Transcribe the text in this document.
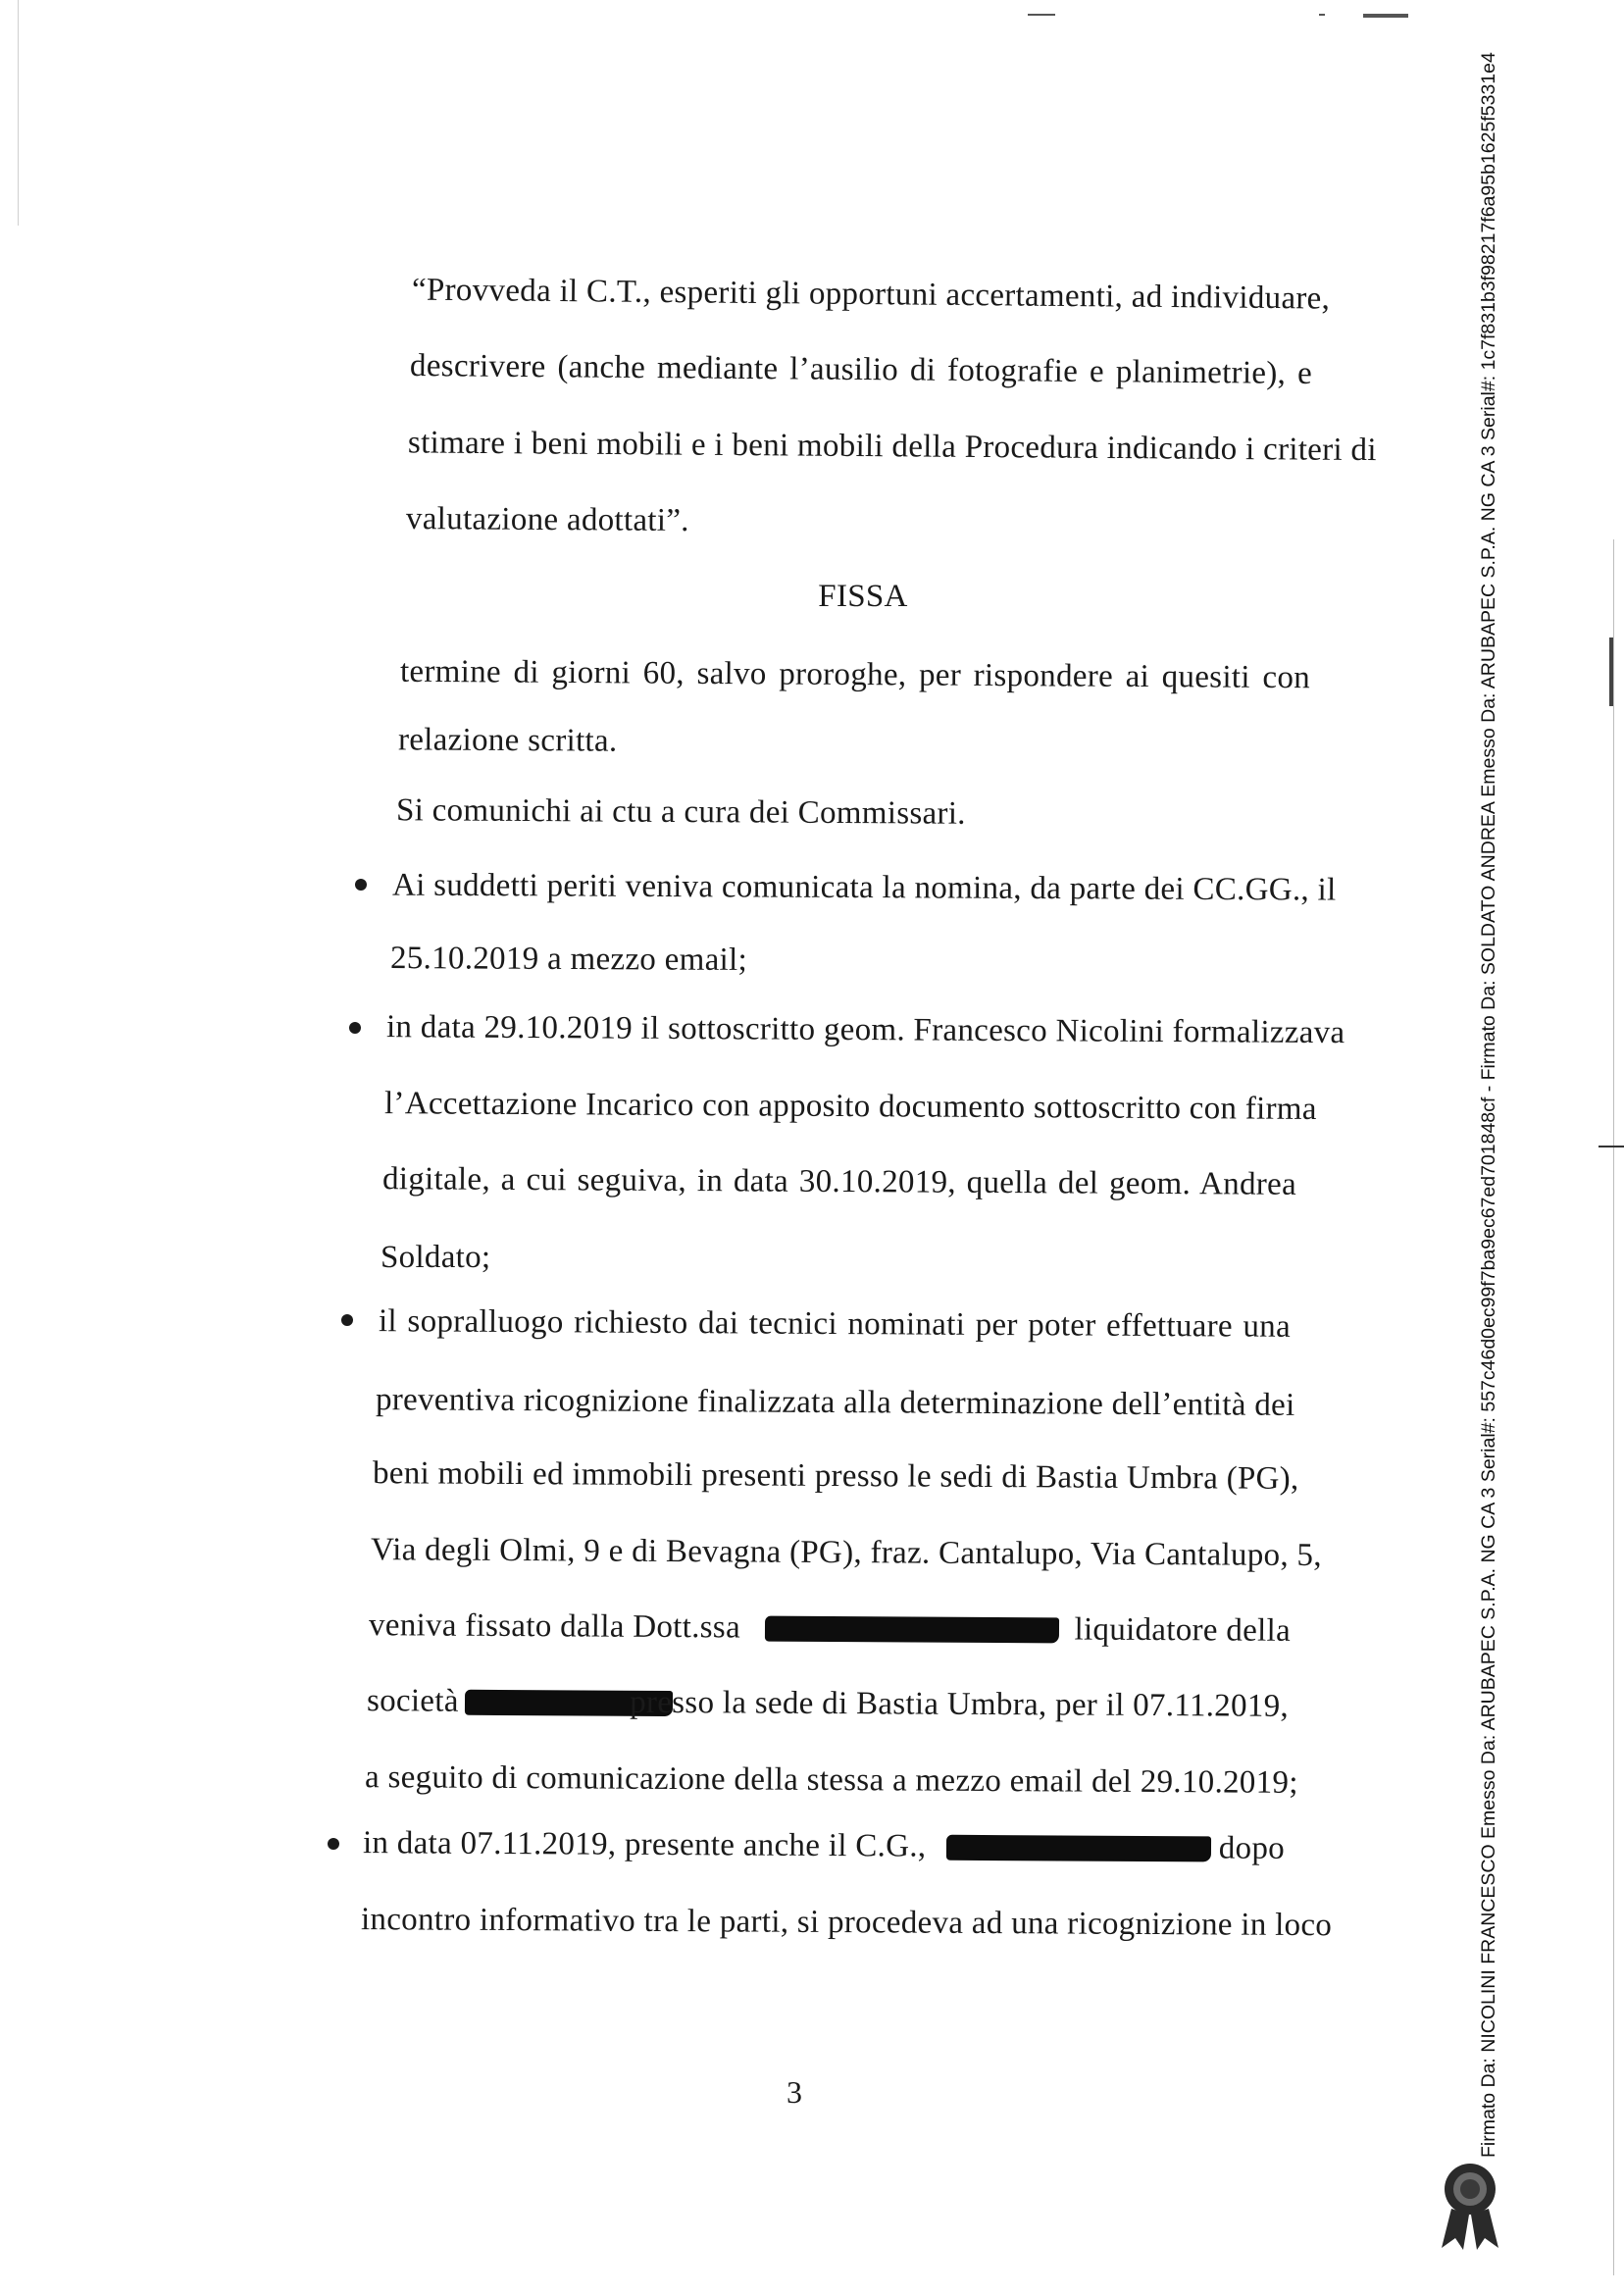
“Provveda il C.T., esperiti gli opportuni accertamenti, ad individuare,
descrivere (anche mediante l’ausilio di fotografie e planimetrie), e
stimare i beni mobili e i beni mobili della Procedura indicando i criteri di
valutazione adottati”.
FISSA
termine di giorni 60, salvo proroghe, per rispondere ai quesiti con
relazione scritta.
Si comunichi ai ctu a cura dei Commissari.
Ai suddetti periti veniva comunicata la nomina, da parte dei CC.GG., il
25.10.2019 a mezzo email;
in data 29.10.2019 il sottoscritto geom. Francesco Nicolini formalizzava
l’Accettazione Incarico con apposito documento sottoscritto con firma
digitale, a cui seguiva, in data 30.10.2019, quella del geom. Andrea
Soldato;
il sopralluogo richiesto dai tecnici nominati per poter effettuare una
preventiva ricognizione finalizzata alla determinazione dell’entità dei
beni mobili ed immobili presenti presso le sedi di Bastia Umbra (PG),
Via degli Olmi, 9 e di Bevagna (PG), fraz. Cantalupo, Via Cantalupo, 5,
veniva fissato dalla Dott.ssa	liquidatore della
società	presso la sede di Bastia Umbra, per il 07.11.2019,
a seguito di comunicazione della stessa a mezzo email del 29.10.2019;
in data 07.11.2019, presente anche il C.G.,	dopo
incontro informativo tra le parti, si procedeva ad una ricognizione in loco
3	Firmato Da: NICOLINI FRANCESCO Emesso Da: ARUBAPEC S.P.A. NG CA 3 Serial#: 557c46d0ec99f7ba9ec67ed701848cf - Firmato Da: SOLDATO ANDREA Emesso Da: ARUBAPEC S.P.A. NG CA 3 Serial#: 1c7f831b3f98217f6a95b1625f5331e4
